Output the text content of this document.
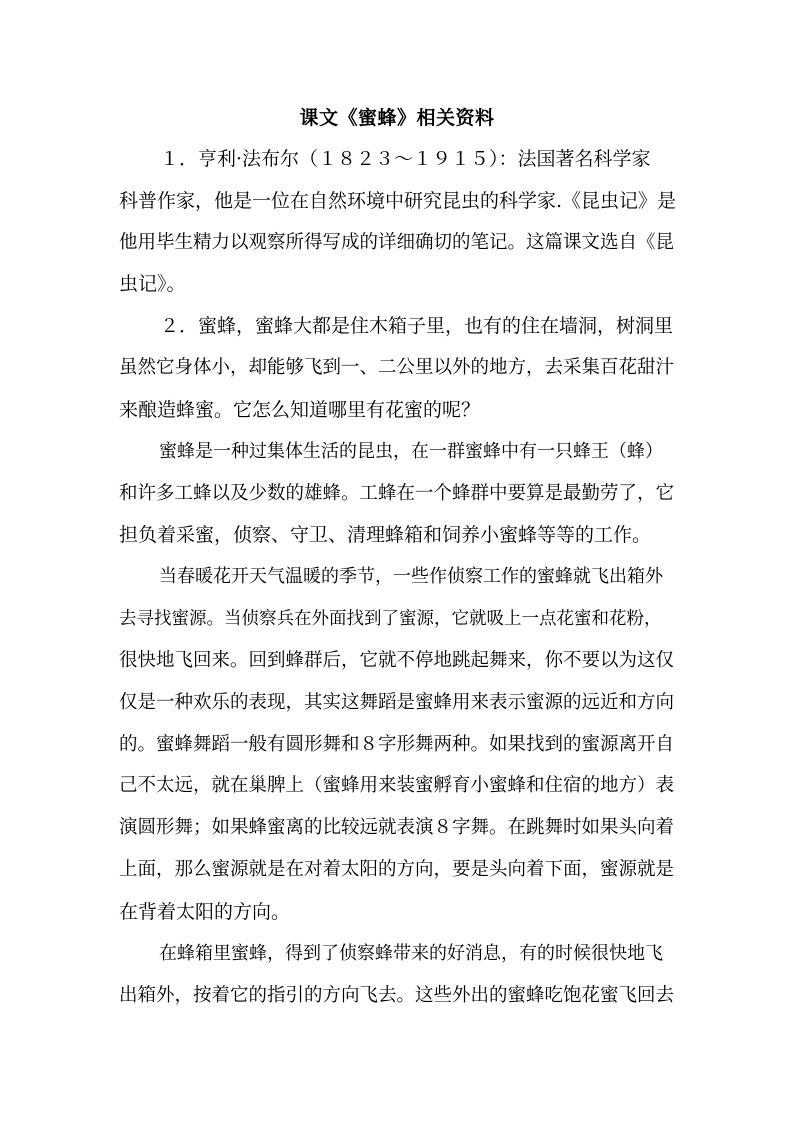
课文《蜜蜂》相关资料
１．亨利·法布尔（１８２３～１９１５）：法国著名科学家
科普作家，他是一位在自然环境中研究昆虫的科学家.《昆虫记》是
他用毕生精力以观察所得写成的详细确切的笔记。这篇课文选自《昆
虫记》。
２．蜜蜂，蜜蜂大都是住木箱子里，也有的住在墙洞，树洞里
虽然它身体小，却能够飞到一、二公里以外的地方，去采集百花甜汁
来酿造蜂蜜。它怎么知道哪里有花蜜的呢？
蜜蜂是一种过集体生活的昆虫，在一群蜜蜂中有一只蜂王（蜂）
和许多工蜂以及少数的雄蜂。工蜂在一个蜂群中要算是最勤劳了，它
担负着采蜜，侦察、守卫、清理蜂箱和饲养小蜜蜂等等的工作。
当春暖花开天气温暖的季节，一些作侦察工作的蜜蜂就飞出箱外
去寻找蜜源。当侦察兵在外面找到了蜜源，它就吸上一点花蜜和花粉，
很快地飞回来。回到蜂群后，它就不停地跳起舞来，你不要以为这仅
仅是一种欢乐的表现，其实这舞蹈是蜜蜂用来表示蜜源的远近和方向
的。蜜蜂舞蹈一般有圆形舞和８字形舞两种。如果找到的蜜源离开自
己不太远，就在巢脾上（蜜蜂用来装蜜孵育小蜜蜂和住宿的地方）表
演圆形舞；如果蜂蜜离的比较远就表演８字舞。在跳舞时如果头向着
上面，那么蜜源就是在对着太阳的方向，要是头向着下面，蜜源就是
在背着太阳的方向。
在蜂箱里蜜蜂，得到了侦察蜂带来的好消息，有的时候很快地飞
出箱外，按着它的指引的方向飞去。这些外出的蜜蜂吃饱花蜜飞回去
